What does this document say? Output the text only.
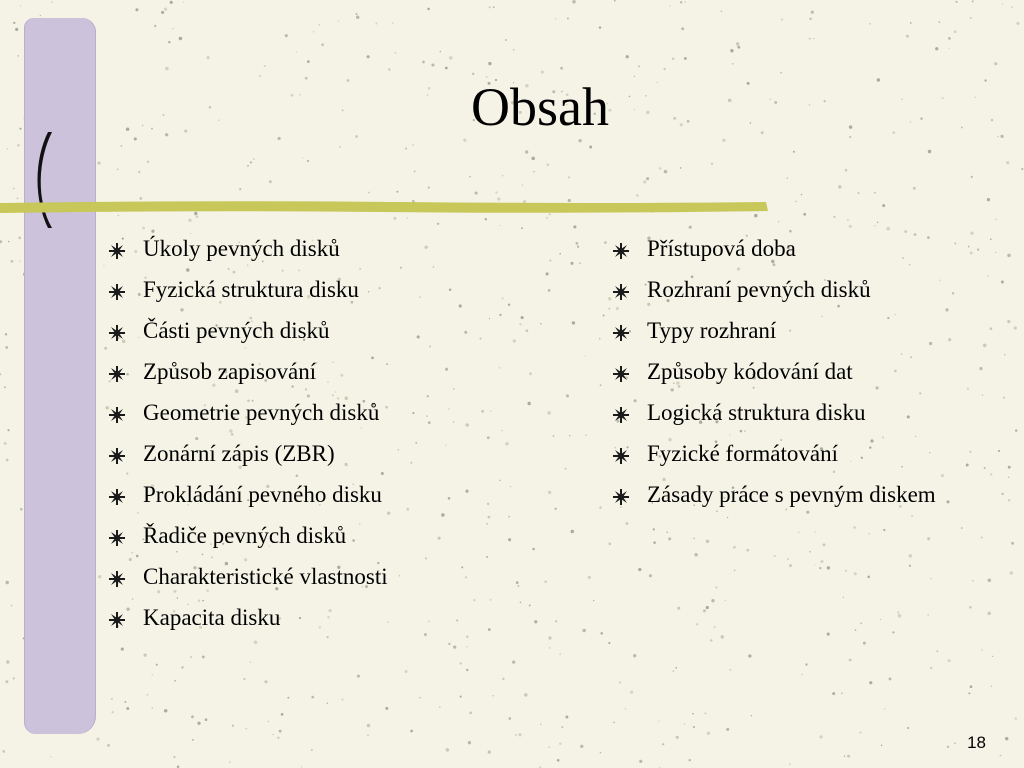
Obsah
Úkoly pevných disků
Fyzická struktura disku
Části pevných disků
Způsob zapisování
Geometrie pevných disků
Zonární zápis (ZBR)
Prokládání pevného disku
Řadiče pevných disků
Charakteristické vlastnosti
Kapacita disku
Přístupová doba
Rozhraní pevných disků
Typy rozhraní
Způsoby kódování dat
Logická struktura disku
Fyzické formátování
Zásady práce s pevným diskem
18
